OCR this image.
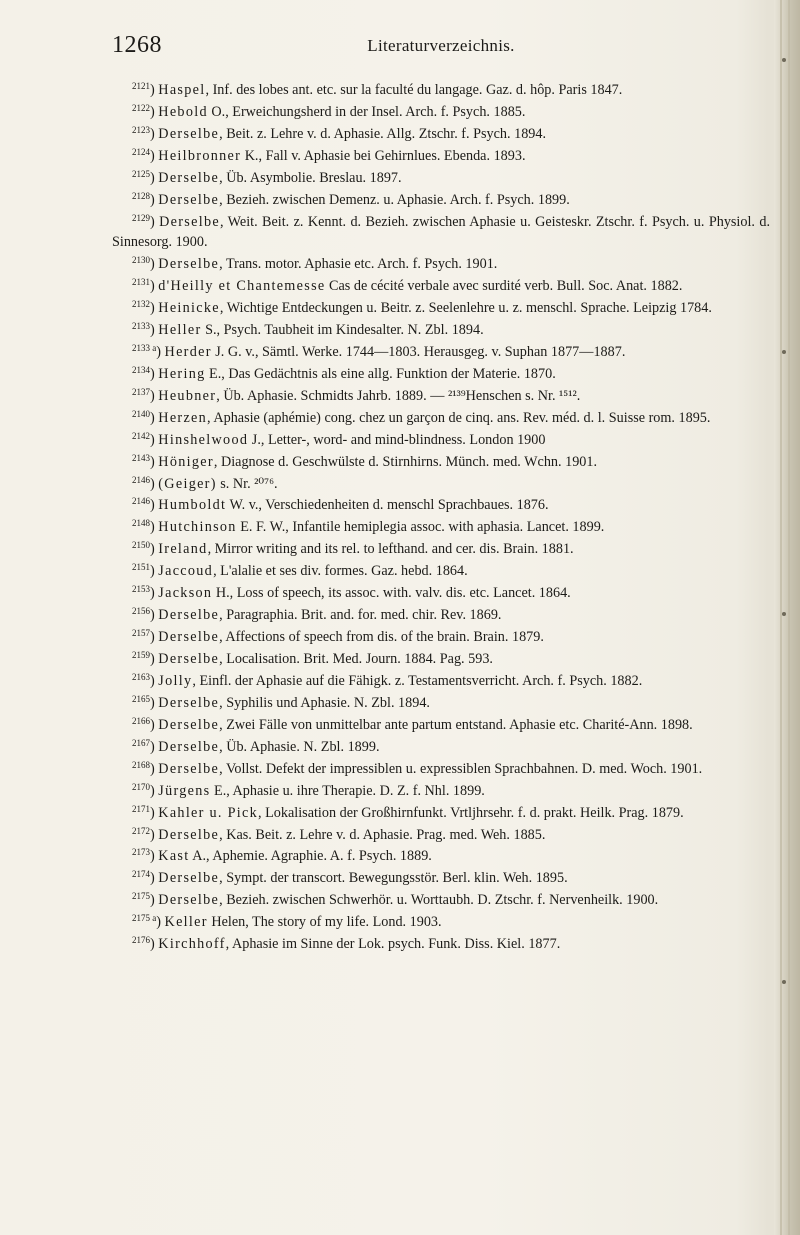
1268	Literaturverzeichnis.

$^{2121}$) Haspel, Inf. des lobes ant. etc. sur la faculté du langage. Gaz. d. hôp. Paris 1847.

$^{2122}$) Hebold O., Erweichungsherd in der Insel. Arch. f. Psych. 1885.

$^{2123}$) Derselbe, Beit. z. Lehre v. d. Aphasie. Allg. Ztschr. f. Psych. 1894.

$^{2124}$) Heilbronner K., Fall v. Aphasie bei Gehirnlues. Ebenda. 1893.

$^{2125}$) Derselbe, Üb. Asymbolie. Breslau. 1897.

$^{2128}$) Derselbe, Bezieh. zwischen Demenz. u. Aphasie. Arch. f. Psych. 1899.

$^{2129}$) Derselbe, Weit. Beit. z. Kennt. d. Bezieh. zwischen Aphasie u. Geisteskr. Ztschr. f. Psych. u. Physiol. d. Sinnesorg. 1900.

$^{2130}$) Derselbe, Trans. motor. Aphasie etc. Arch. f. Psych. 1901.

$^{2131}$) d'Heilly et Chantemesse Cas de cécité verbale avec surdité verb. Bull. Soc. Anat. 1882.

$^{2132}$) Heinicke, Wichtige Entdeckungen u. Beitr. z. Seelenlehre u. z. menschl. Sprache. Leipzig 1784.

$^{2133}$) Heller S., Psych. Taubheit im Kindesalter. N. Zbl. 1894.

$^{2133 a}$) Herder J. G. v., Sämtl. Werke. 1744—1803. Herausgeg. v. Suphan 1877—1887.

$^{2134}$) Hering E., Das Gedächtnis als eine allg. Funktion der Materie. 1870.

$^{2137}$) Heubner, Üb. Aphasie. Schmidts Jahrb. 1889. — ²¹³⁹Henschen s. Nr. ¹⁵¹².

$^{2140}$) Herzen, Aphasie (aphémie) cong. chez un garçon de cinq. ans. Rev. méd. d. l. Suisse rom. 1895.

$^{2142}$) Hinshelwood J., Letter-, word- and mind-blindness. London 1900

$^{2143}$) Höniger, Diagnose d. Geschwülste d. Stirnhirns. Münch. med. Wchn. 1901.

$^{2146}$) (Geiger) s. Nr. ²⁰⁷⁶.

$^{2146}$) Humboldt W. v., Verschiedenheiten d. menschl Sprachbaues. 1876.

$^{2148}$) Hutchinson E. F. W., Infantile hemiplegia assoc. with aphasia. Lancet. 1899.

$^{2150}$) Ireland, Mirror writing and its rel. to lefthand. and cer. dis. Brain. 1881.

$^{2151}$) Jaccoud, L'alalie et ses div. formes. Gaz. hebd. 1864.

$^{2153}$) Jackson H., Loss of speech, its assoc. with. valv. dis. etc. Lancet. 1864.

$^{2156}$) Derselbe, Paragraphia. Brit. and. for. med. chir. Rev. 1869.

$^{2157}$) Derselbe, Affections of speech from dis. of the brain. Brain. 1879.

$^{2159}$) Derselbe, Localisation. Brit. Med. Journ. 1884. Pag. 593.

$^{2163}$) Jolly, Einfl. der Aphasie auf die Fähigk. z. Testamentsverricht. Arch. f. Psych. 1882.

$^{2165}$) Derselbe, Syphilis und Aphasie. N. Zbl. 1894.

$^{2166}$) Derselbe, Zwei Fälle von unmittelbar ante partum entstand. Aphasie etc. Charité-Ann. 1898.

$^{2167}$) Derselbe, Üb. Aphasie. N. Zbl. 1899.

$^{2168}$) Derselbe, Vollst. Defekt der impressiblen u. expressiblen Sprachbahnen. D. med. Woch. 1901.

$^{2170}$) Jürgens E., Aphasie u. ihre Therapie. D. Z. f. Nhl. 1899.

$^{2171}$) Kahler u. Pick, Lokalisation der Großhirnfunkt. Vrtljhrsehr. f. d. prakt. Heilk. Prag. 1879.

$^{2172}$) Derselbe, Kas. Beit. z. Lehre v. d. Aphasie. Prag. med. Weh. 1885.

$^{2173}$) Kast A., Aphemie. Agraphie. A. f. Psych. 1889.

$^{2174}$) Derselbe, Sympt. der transcort. Bewegungsstör. Berl. klin. Weh. 1895.

$^{2175}$) Derselbe, Bezieh. zwischen Schwerhör. u. Worttaubh. D. Ztschr. f. Nervenheilk. 1900.

$^{2175 a}$) Keller Helen, The story of my life. Lond. 1903.

$^{2176}$) Kirchhoff, Aphasie im Sinne der Lok. psych. Funk. Diss. Kiel. 1877.
